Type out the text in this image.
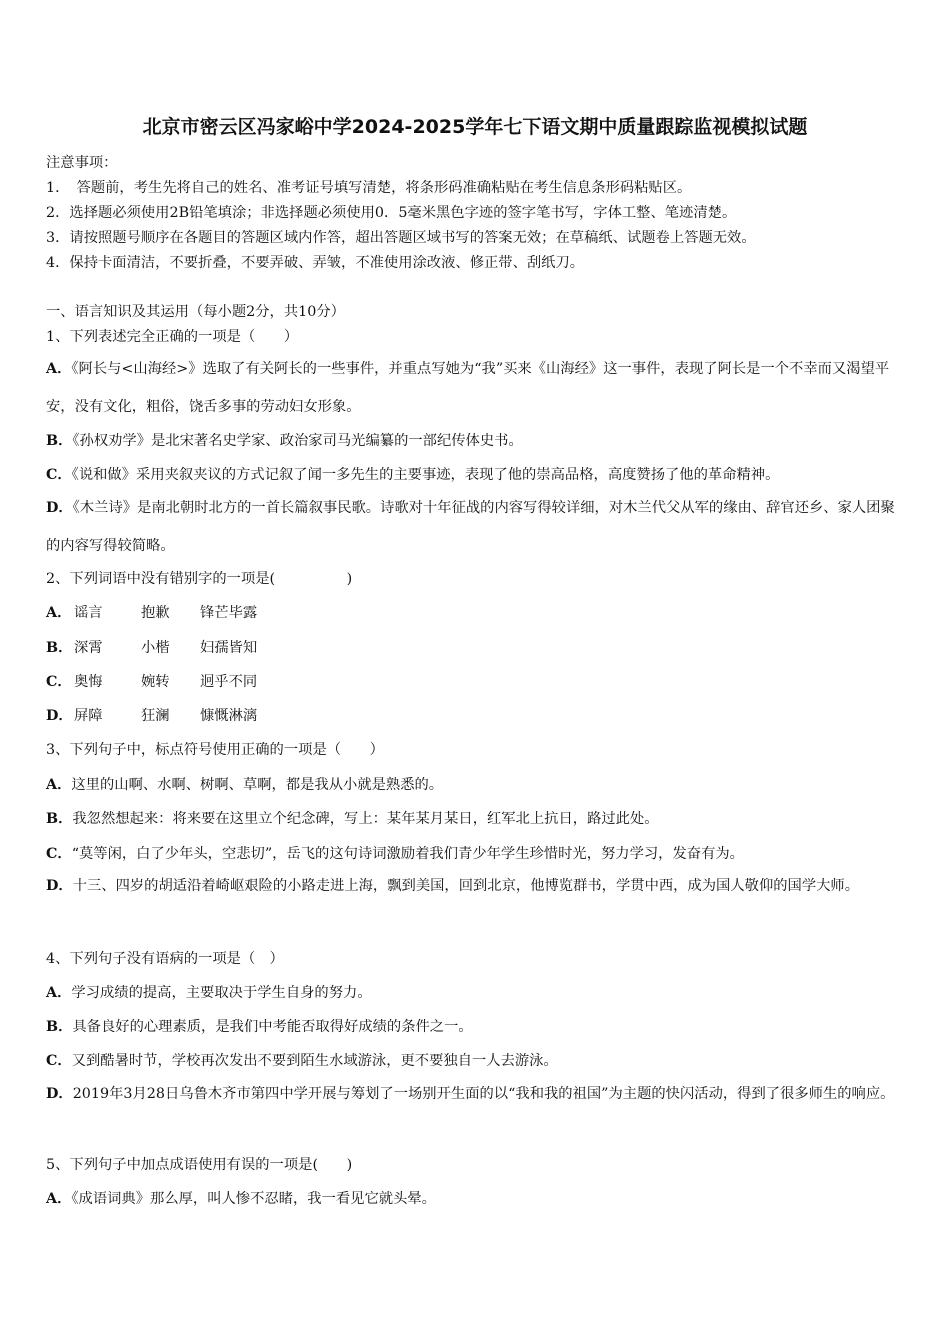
北京市密云区冯家峪中学2024-2025学年七下语文期中质量跟踪监视模拟试题
注意事项：
1．　答题前，考生先将自己的姓名、准考证号填写清楚，将条形码准确粘贴在考生信息条形码粘贴区。
2．选择题必须使用2B铅笔填涂；非选择题必须使用0．5毫米黑色字迹的签字笔书写，字体工整、笔迹清楚。
3．请按照题号顺序在各题目的答题区域内作答，超出答题区域书写的答案无效；在草稿纸、试题卷上答题无效。
4．保持卡面清洁，不要折叠，不要弄破、弄皱，不准使用涂改液、修正带、刮纸刀。
一、语言知识及其运用（每小题2分，共10分）
1、下列表述完全正确的一项是（　　）
A．《阿长与<山海经>》选取了有关阿长的一些事件，并重点写她为“我”买来《山海经》这一事件，表现了阿长是一个不幸而又渴望平安，没有文化，粗俗，饶舌多事的劳动妇女形象。
B．《孙权劝学》是北宋著名史学家、政治家司马光编纂的一部纪传体史书。
C．《说和做》采用夹叙夹议的方式记叙了闻一多先生的主要事迹，表现了他的崇高品格，高度赞扬了他的革命精神。
D．《木兰诗》是南北朝时北方的一首长篇叙事民歌。诗歌对十年征战的内容写得较详细，对木兰代父从军的缘由、辞官还乡、家人团聚的内容写得较简略。
2、下列词语中没有错别字的一项是(　　　　　)
A． 谣言	抱歉 锋芒毕露
B． 深霄	小楷 妇孺皆知
C． 奥悔	婉转 迥乎不同
D．屏障	狂澜 慷慨淋漓
3、下列句子中，标点符号使用正确的一项是（　　）
A．这里的山啊、水啊、树啊、草啊，都是我从小就是熟悉的。
B．我忽然想起来：将来要在这里立个纪念碑，写上：某年某月某日，红军北上抗日，路过此处。
C．“莫等闲，白了少年头，空悲切”，岳飞的这句诗词激励着我们青少年学生珍惜时光，努力学习，发奋有为。
D．十三、四岁的胡适沿着崎岖艰险的小路走进上海，飘到美国，回到北京，他博览群书，学贯中西，成为国人敬仰的国学大师。
4、下列句子没有语病的一项是（　）
A．学习成绩的提高，主要取决于学生自身的努力。
B．具备良好的心理素质，是我们中考能否取得好成绩的条件之一。
C．又到酷暑时节，学校再次发出不要到陌生水域游泳，更不要独自一人去游泳。
D．2019年3月28日乌鲁木齐市第四中学开展与筹划了一场别开生面的以“我和我的祖国”为主题的快闪活动，得到了很多师生的响应。
5、下列句子中加点成语使用有误的一项是(　　)
A．《成语词典》那么厚，叫人惨不忍睹，我一看见它就头晕。
